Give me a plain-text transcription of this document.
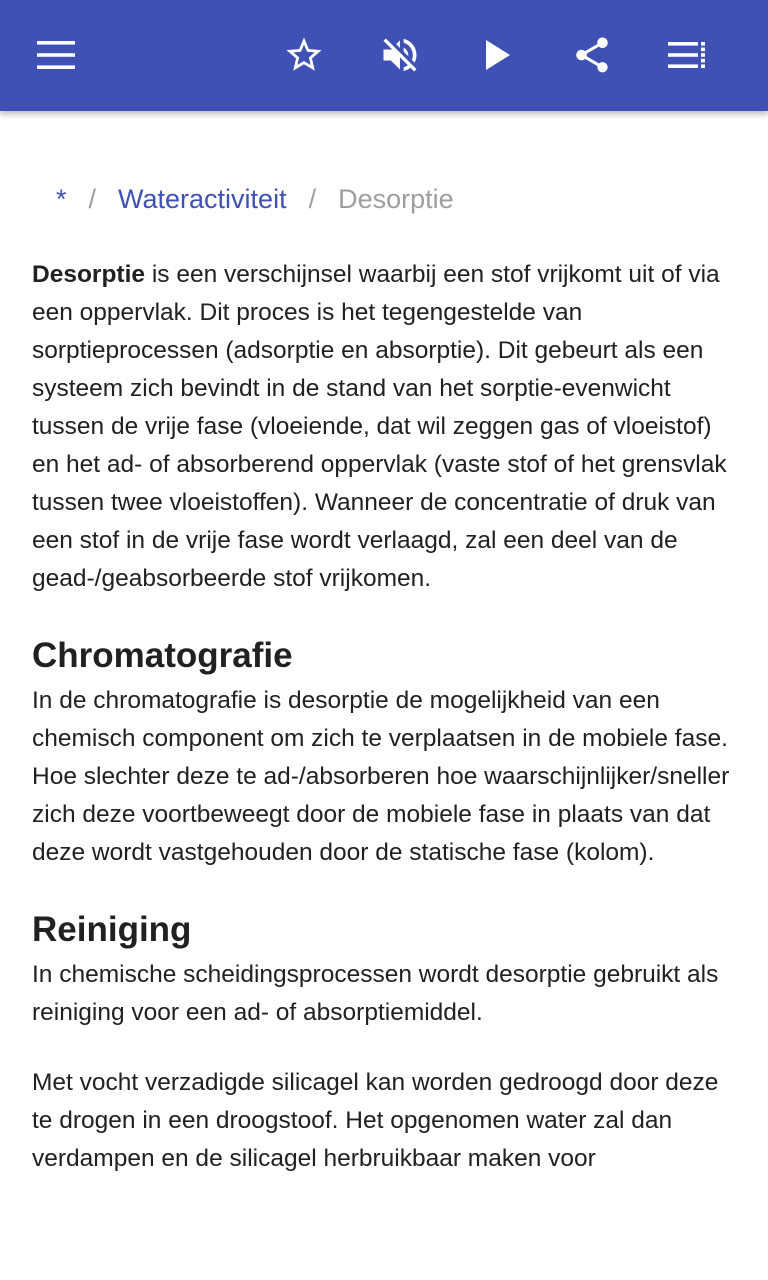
* / Wateractiviteit / Desorptie

Desorptie is een verschijnsel waarbij een stof vrijkomt uit of via een oppervlak. Dit proces is het tegengestelde van sorptieprocessen (adsorptie en absorptie). Dit gebeurt als een systeem zich bevindt in de stand van het sorptie-evenwicht tussen de vrije fase (vloeiende, dat wil zeggen gas of vloeistof) en het ad- of absorberend oppervlak (vaste stof of het grensvlak tussen twee vloeistoffen). Wanneer de concentratie of druk van een stof in de vrije fase wordt verlaagd, zal een deel van de gead-/geabsorbeerde stof vrijkomen.

Chromatografie

In de chromatografie is desorptie de mogelijkheid van een chemisch component om zich te verplaatsen in de mobiele fase. Hoe slechter deze te ad-/absorberen hoe waarschijnlijker/sneller zich deze voortbeweegt door de mobiele fase in plaats van dat deze wordt vastgehouden door de statische fase (kolom).

Reiniging

In chemische scheidingsprocessen wordt desorptie gebruikt als reiniging voor een ad- of absorptiemiddel.

Met vocht verzadigde silicagel kan worden gedroogd door deze te drogen in een droogstoof. Het opgenomen water zal dan verdampen en de silicagel herbruikbaar maken voor
